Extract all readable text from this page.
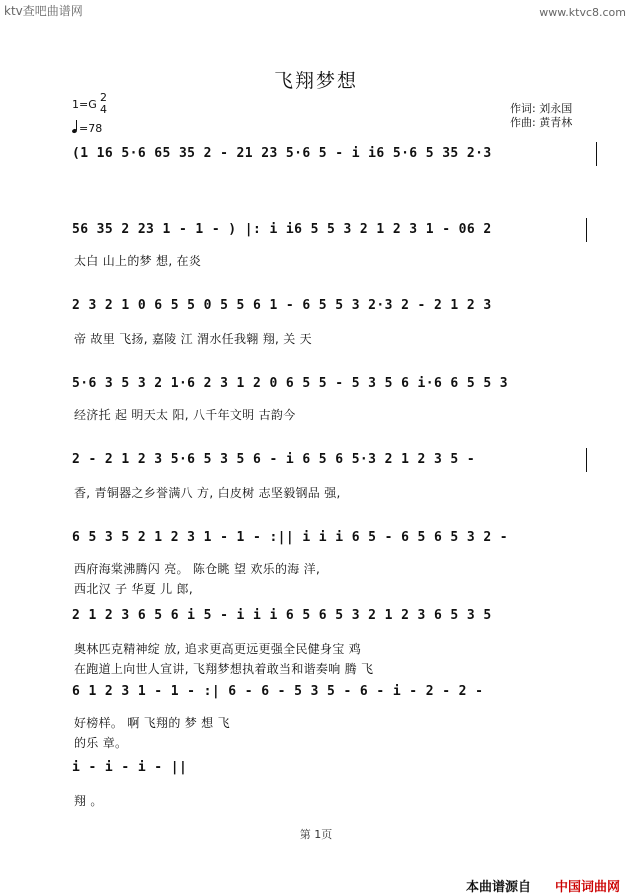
ktv查吧曲谱网	www.ktvc8.com
飞翔梦想
1=G
2
4
=78
作词: 刘永国
作曲: 黄青林
(1 16 5·6 65 35 2 - 21 23 5·6 5 - i i6 5·6 5 35 2·3
56 35 2 23 1 - 1 - ) |: i i6 5 5 3 2 1 2 3 1 - 06 2
太白 山上的梦 想, 在炎
2 3 2 1 0 6 5 5 0 5 5 6 1 - 6 5 5 3 2·3 2 - 2 1 2 3
帝 故里 飞扬, 嘉陵 江 渭水任我翱 翔, 关 天
5·6 3 5 3 2 1·6 2 3 1 2 0 6 5 5 - 5 3 5 6 i·6 6 5 5 3
经济托 起 明天太 阳, 八千年文明 古韵今
2 - 2 1 2 3 5·6 5 3 5 6 - i 6 5 6 5·3 2 1 2 3 5 -
香, 青铜器之乡誉满八 方, 白皮树 志坚毅钢品 强,
6 5 3 5 2 1 2 3 1 - 1 - :|| i i i 6 5 - 6 5 6 5 3 2 -
西府海棠沸腾闪 亮。 陈仓眺 望 欢乐的海 洋,
西北汉 子 华夏 儿 郎,
2 1 2 3 6 5 6 i 5 - i i i 6 5 6 5 3 2 1 2 3 6 5 3 5
奥林匹克精神绽 放, 追求更高更远更强全民健身宝 鸡
在跑道上向世人宣讲, 飞翔梦想执着敢当和谐奏响 腾 飞
6 1 2 3 1 - 1 - :| 6 - 6 - 5 3 5 - 6 - i - 2 - 2 -
好榜样。 啊 飞翔的 梦 想 飞
的乐 章。
i - i - i - ||
翔 。
第 1页
本曲谱源自 中国词曲网
